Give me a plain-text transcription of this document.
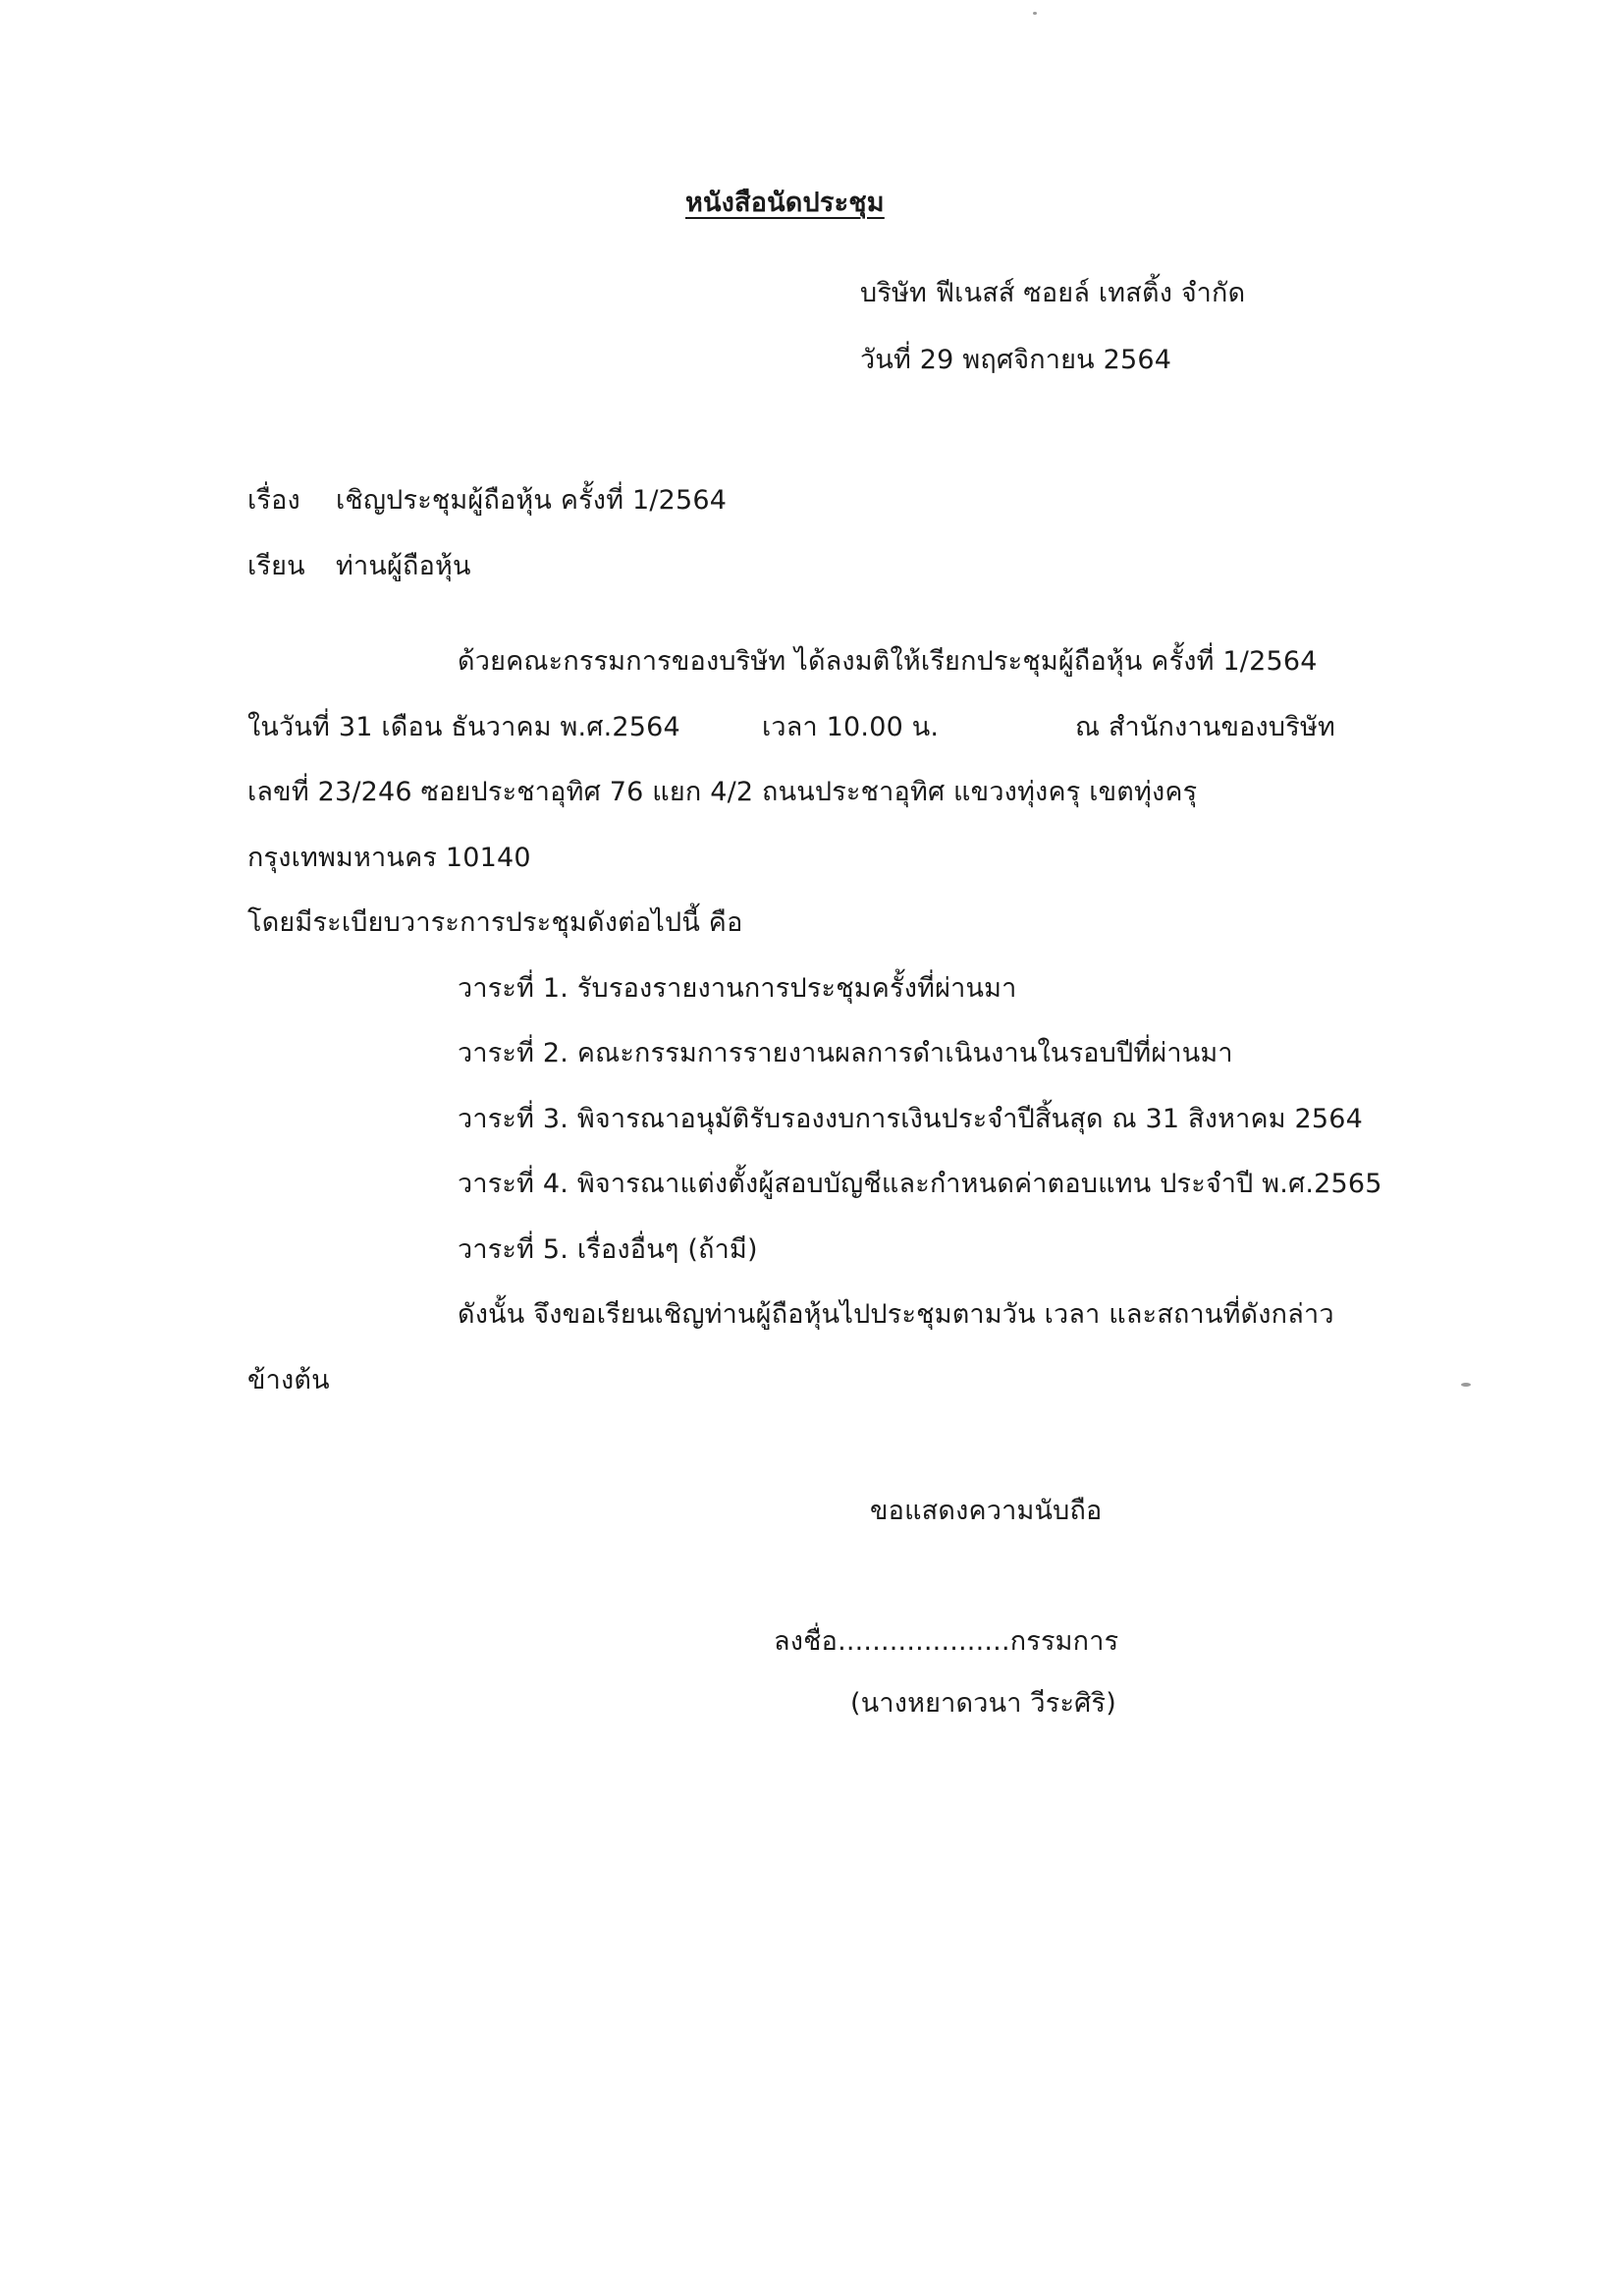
หนังสือนัดประชุม
บริษัท ฟีเนสส์ ซอยล์ เทสติ้ง จำกัด
วันที่ 29 พฤศจิกายน 2564
เรื่อง เชิญประชุมผู้ถือหุ้น ครั้งที่ 1/2564
เรียน ท่านผู้ถือหุ้น
ด้วยคณะกรรมการของบริษัท ได้ลงมติให้เรียกประชุมผู้ถือหุ้น ครั้งที่ 1/2564
ในวันที่ 31 เดือน ธันวาคม พ.ศ.2564	เวลา 10.00 น.	ณ สำนักงานของบริษัท
เลขที่ 23/246 ซอยประชาอุทิศ 76 แยก 4/2 ถนนประชาอุทิศ แขวงทุ่งครุ เขตทุ่งครุ
กรุงเทพมหานคร 10140
โดยมีระเบียบวาระการประชุมดังต่อไปนี้ คือ
วาระที่ 1. รับรองรายงานการประชุมครั้งที่ผ่านมา
วาระที่ 2. คณะกรรมการรายงานผลการดำเนินงานในรอบปีที่ผ่านมา
วาระที่ 3. พิจารณาอนุมัติรับรองงบการเงินประจำปีสิ้นสุด ณ 31 สิงหาคม 2564
วาระที่ 4. พิจารณาแต่งตั้งผู้สอบบัญชีและกำหนดค่าตอบแทน ประจำปี พ.ศ.2565
วาระที่ 5. เรื่องอื่นๆ (ถ้ามี)
ดังนั้น จึงขอเรียนเชิญท่านผู้ถือหุ้นไปประชุมตามวัน เวลา และสถานที่ดังกล่าว
ข้างต้น
ขอแสดงความนับถือ
ลงชื่อ....................กรรมการ
(นางหยาดวนา วีระศิริ)
